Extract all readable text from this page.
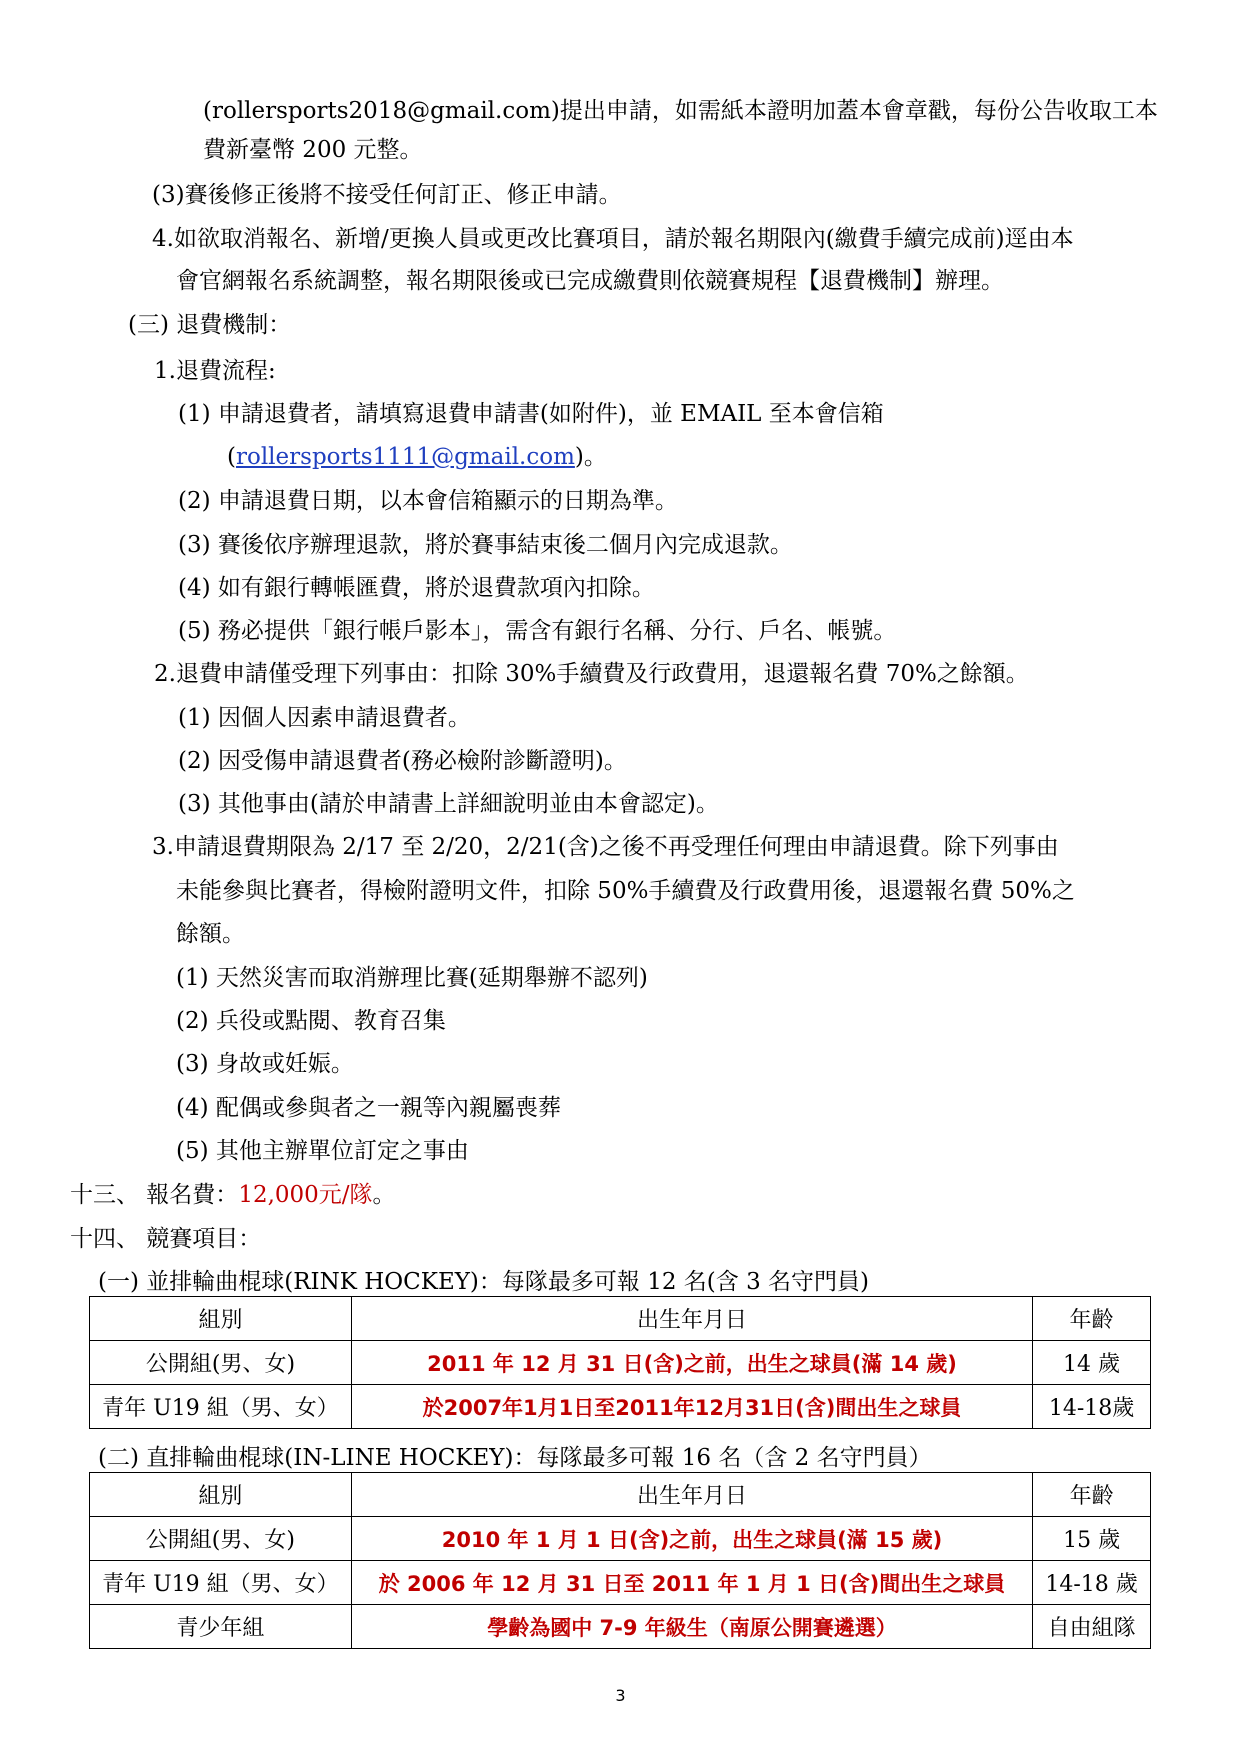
(rollersports2018@gmail.com)提出申請，如需紙本證明加蓋本會章戳，每份公告收取工本
費新臺幣 200 元整。
(3)賽後修正後將不接受任何訂正、修正申請。
4.如欲取消報名、新增/更換人員或更改比賽項目，請於報名期限內(繳費手續完成前)逕由本
會官網報名系統調整，報名期限後或已完成繳費則依競賽規程【退費機制】辦理。
(三) 退費機制：
1.退費流程:
(1) 申請退費者，請填寫退費申請書(如附件)，並 EMAIL 至本會信箱
(rollersports1111@gmail.com)。
(2) 申請退費日期，以本會信箱顯示的日期為準。
(3) 賽後依序辦理退款，將於賽事結束後二個月內完成退款。
(4) 如有銀行轉帳匯費，將於退費款項內扣除。
(5) 務必提供「銀行帳戶影本」，需含有銀行名稱、分行、戶名、帳號。
2.退費申請僅受理下列事由：扣除 30%手續費及行政費用，退還報名費 70%之餘額。
(1) 因個人因素申請退費者。
(2) 因受傷申請退費者(務必檢附診斷證明)。
(3) 其他事由(請於申請書上詳細說明並由本會認定)。
3.申請退費期限為 2/17 至 2/20，2/21(含)之後不再受理任何理由申請退費。除下列事由
未能參與比賽者，得檢附證明文件，扣除 50%手續費及行政費用後，退還報名費 50%之
餘額。
(1) 天然災害而取消辦理比賽(延期舉辦不認列)
(2) 兵役或點閱、教育召集
(3) 身故或妊娠。
(4) 配偶或參與者之一親等內親屬喪葬
(5) 其他主辦單位訂定之事由
十三、 報名費：12,000元/隊。
十四、 競賽項目：
(一) 並排輪曲棍球(RINK HOCKEY)：每隊最多可報 12 名(含 3 名守門員)
組別	出生年月日	年齡
公開組(男、女)	2011 年 12 月 31 日(含)之前，出生之球員(滿 14 歲)	14 歲
青年 U19 組（男、女）	於2007年1月1日至2011年12月31日(含)間出生之球員	14-18歲
(二) 直排輪曲棍球(IN-LINE HOCKEY)：每隊最多可報 16 名（含 2 名守門員）
組別	出生年月日	年齡
公開組(男、女)	2010 年 1 月 1 日(含)之前，出生之球員(滿 15 歲)	15 歲
青年 U19 組（男、女）	於 2006 年 12 月 31 日至 2011 年 1 月 1 日(含)間出生之球員	14-18 歲
青少年組	學齡為國中 7-9 年級生（南原公開賽遴選）	自由組隊
3
